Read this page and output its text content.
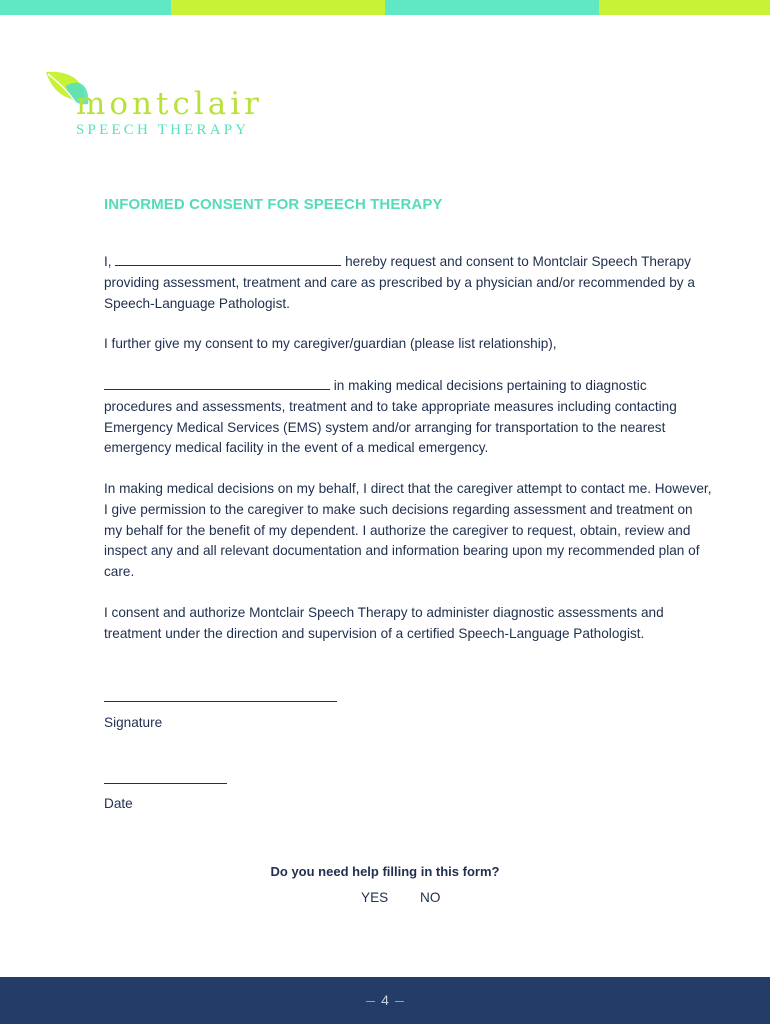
montclair
SPEECH THERAPY
INFORMED CONSENT FOR SPEECH THERAPY

I,	hereby request and consent to Montclair Speech Therapy providing assessment, treatment and care as prescribed by a physician and/or recommended by a Speech-Language Pathologist.

I further give my consent to my caregiver/guardian (please list relationship),

in making medical decisions pertaining to diagnostic procedures and assessments, treatment and to take appropriate measures including contacting Emergency Medical Services (EMS) system and/or arranging for transportation to the nearest emergency medical facility in the event of a medical emergency.

In making medical decisions on my behalf, I direct that the caregiver attempt to contact me. However, I give permission to the caregiver to make such decisions regarding assessment and treatment on my behalf for the benefit of my dependent. I authorize the caregiver to request, obtain, review and inspect any and all relevant documentation and information bearing upon my recommended plan of care.

I consent and authorize Montclair Speech Therapy to administer diagnostic assessments and treatment under the direction and supervision of a certified Speech-Language Pathologist.

Signature
Date
Do you need help filling in this form?
YES NO
4
